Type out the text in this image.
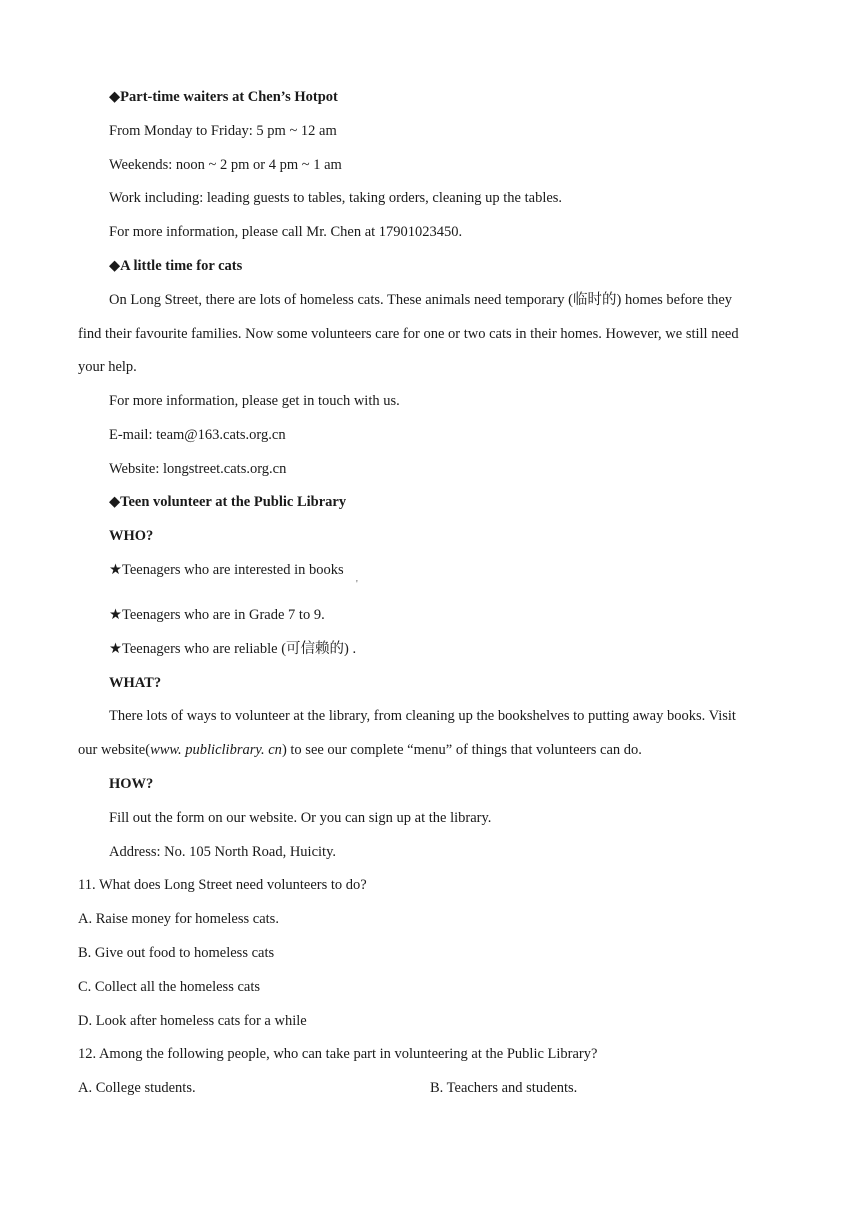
◆Part-time waiters at Chen’s Hotpot
From Monday to Friday: 5 pm ~ 12 am
Weekends: noon ~ 2 pm or 4 pm ~ 1 am
Work including: leading guests to tables, taking orders, cleaning up the tables.
For more information, please call Mr. Chen at 17901023450.
◆A little time for cats
On Long Street, there are lots of homeless cats. These animals need temporary (临时的) homes before they
find their favourite families. Now some volunteers care for one or two cats in their homes. However, we still need
your help.
For more information, please get in touch with us.
E-mail: team@163.cats.org.cn
Website: longstreet.cats.org.cn
◆Teen volunteer at the Public Library
WHO?
★Teenagers who are interested in books
'
★Teenagers who are in Grade 7 to 9.
★Teenagers who are reliable (可信赖的) .
WHAT?
There lots of ways to volunteer at the library, from cleaning up the bookshelves to putting away books. Visit
our website(www. publiclibrary. cn) to see our complete “menu” of things that volunteers can do.
HOW?
Fill out the form on our website. Or you can sign up at the library.
Address: No. 105 North Road, Huicity.
11. What does Long Street need volunteers to do?
A. Raise money for homeless cats.
B. Give out food to homeless cats
C. Collect all the homeless cats
D. Look after homeless cats for a while
12. Among the following people, who can take part in volunteering at the Public Library?
A. College students.	B. Teachers and students.
